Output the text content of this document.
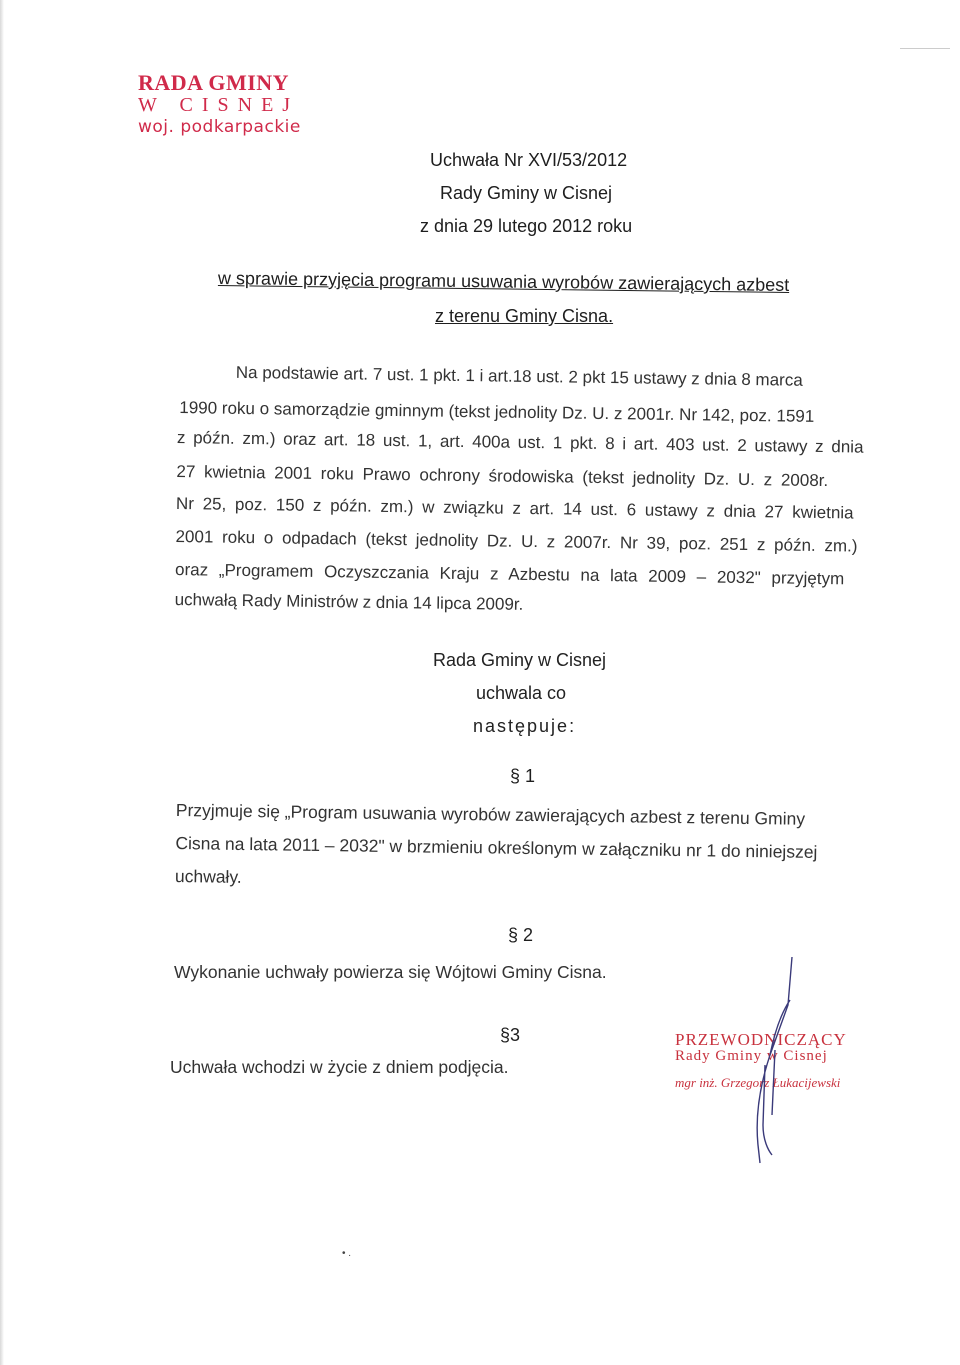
RADA GMINY
W CISNEJ
woj. podkarpackie
Uchwała Nr XVI/53/2012
Rady Gminy w Cisnej
z dnia 29 lutego 2012 roku
w sprawie przyjęcia programu usuwania wyrobów zawierających azbest
z terenu Gminy Cisna.
Na podstawie art. 7 ust. 1 pkt. 1 i art.18 ust. 2 pkt 15 ustawy z dnia 8 marca
1990 roku o samorządzie gminnym (tekst jednolity Dz. U. z 2001r. Nr 142, poz. 1591
z późn. zm.) oraz art. 18 ust. 1, art. 400a ust. 1 pkt. 8 i art. 403 ust. 2 ustawy z dnia
27 kwietnia 2001 roku Prawo ochrony środowiska (tekst jednolity Dz. U. z 2008r.
Nr 25, poz. 150 z późn. zm.) w związku z art. 14 ust. 6 ustawy z dnia 27 kwietnia
2001 roku o odpadach (tekst jednolity Dz. U. z 2007r. Nr 39, poz. 251 z późn. zm.)
oraz „Programem Oczyszczania Kraju z Azbestu na lata 2009 – 2032" przyjętym
uchwałą Rady Ministrów z dnia 14 lipca 2009r.
Rada Gminy w Cisnej
uchwala co
następuje:
§ 1
Przyjmuje się „Program usuwania wyrobów zawierających azbest z terenu Gminy
Cisna na lata 2011 – 2032" w brzmieniu określonym w załączniku nr 1 do niniejszej
uchwały.
§ 2
Wykonanie uchwały powierza się Wójtowi Gminy Cisna.
§3
Uchwała wchodzi w życie z dniem podjęcia.
PRZEWODNICZĄCY
Rady Gminy w Cisnej
mgr inż. Grzegorz Łukacijewski
• .
